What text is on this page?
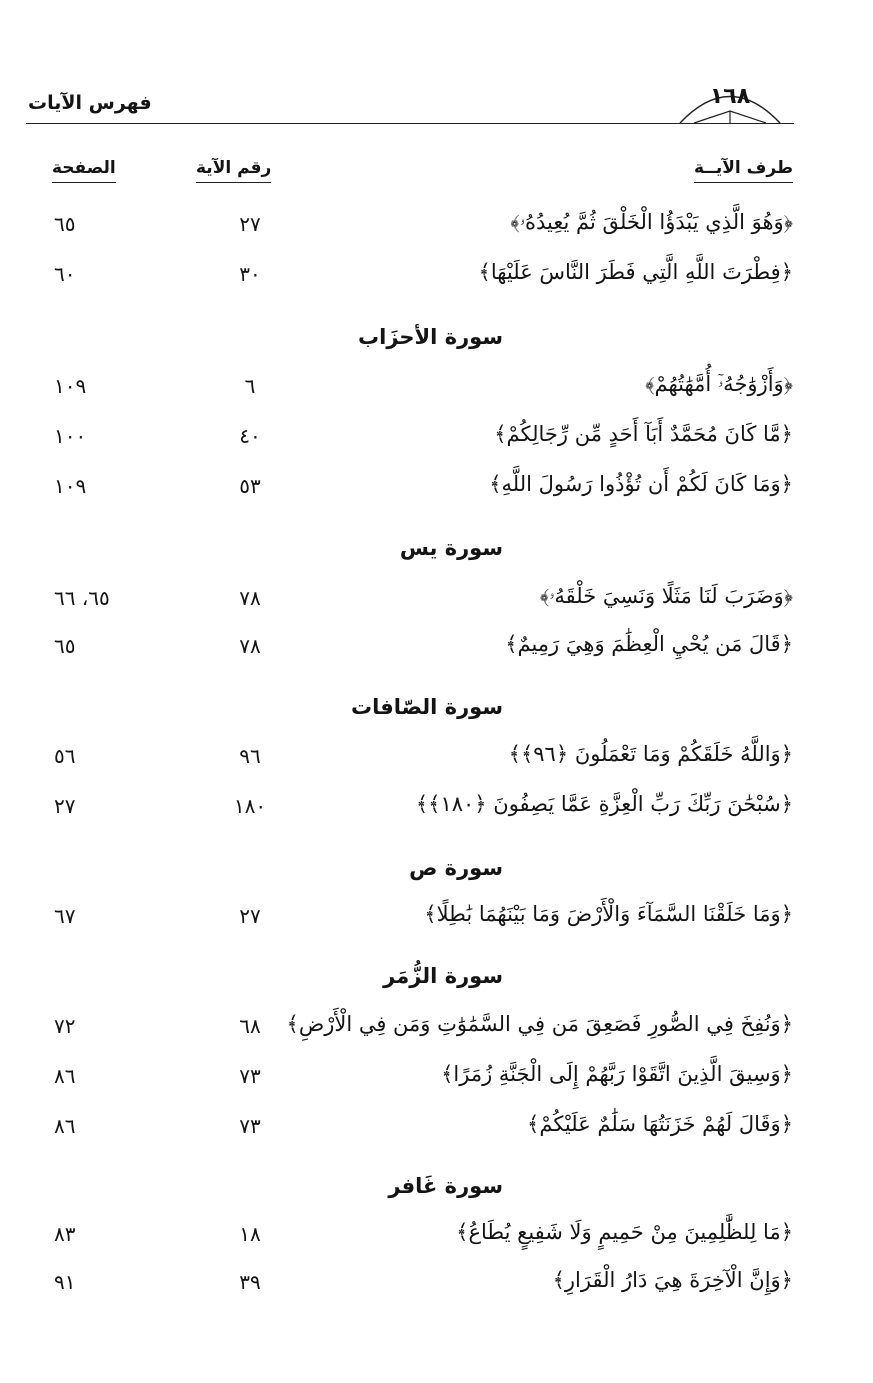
فهرس الآيات	١٦٨
طرف الآيــة
رقم الآية
الصفحة
﴿وَهُوَ الَّذِي يَبْدَؤُا الْخَلْقَ ثُمَّ يُعِيدُهُۥ﴾
٢٧
٦٥
﴿فِطْرَتَ اللَّهِ الَّتِي فَطَرَ النَّاسَ عَلَيْهَا﴾
٣٠
٦٠
سورة الأحزَاب
﴿وَأَزْوَٰجُهُۥٓ أُمَّهَٰتُهُمْ﴾
٦
١٠٩
﴿مَّا كَانَ مُحَمَّدٌ أَبَآ أَحَدٍ مِّن رِّجَالِكُمْ﴾
٤٠
١٠٠
﴿وَمَا كَانَ لَكُمْ أَن تُؤْذُوا رَسُولَ اللَّهِ﴾
٥٣
١٠٩
سورة يس
﴿وَضَرَبَ لَنَا مَثَلًا وَنَسِيَ خَلْقَهُۥ﴾
٧٨
٦٥، ٦٦
﴿قَالَ مَن يُحْيِ الْعِظَٰمَ وَهِيَ رَمِيمٌ﴾
٧٨
٦٥
سورة الصّافات
﴿وَاللَّهُ خَلَقَكُمْ وَمَا تَعْمَلُونَ ﴿٩٦﴾﴾
٩٦
٥٦
﴿سُبْحَٰنَ رَبِّكَ رَبِّ الْعِزَّةِ عَمَّا يَصِفُونَ ﴿١٨٠﴾﴾
١٨٠
٢٧
سورة ص
﴿وَمَا خَلَقْنَا السَّمَآءَ وَالْأَرْضَ وَمَا بَيْنَهُمَا بَٰطِلًا﴾
٢٧
٦٧
سورة الزُّمَر
﴿وَنُفِخَ فِي الصُّورِ فَصَعِقَ مَن فِي السَّمَٰوَٰتِ وَمَن فِي الْأَرْضِ﴾
٦٨
٧٢
﴿وَسِيقَ الَّذِينَ اتَّقَوْا رَبَّهُمْ إِلَى الْجَنَّةِ زُمَرًا﴾
٧٣
٨٦
﴿وَقَالَ لَهُمْ خَزَنَتُهَا سَلَٰمٌ عَلَيْكُمْ﴾
٧٣
٨٦
سورة غَافر
﴿مَا لِلظَّٰلِمِينَ مِنْ حَمِيمٍ وَلَا شَفِيعٍ يُطَاعُ﴾
١٨
٨٣
﴿وَإِنَّ الْآخِرَةَ هِيَ دَارُ الْقَرَارِ﴾
٣٩
٩١
